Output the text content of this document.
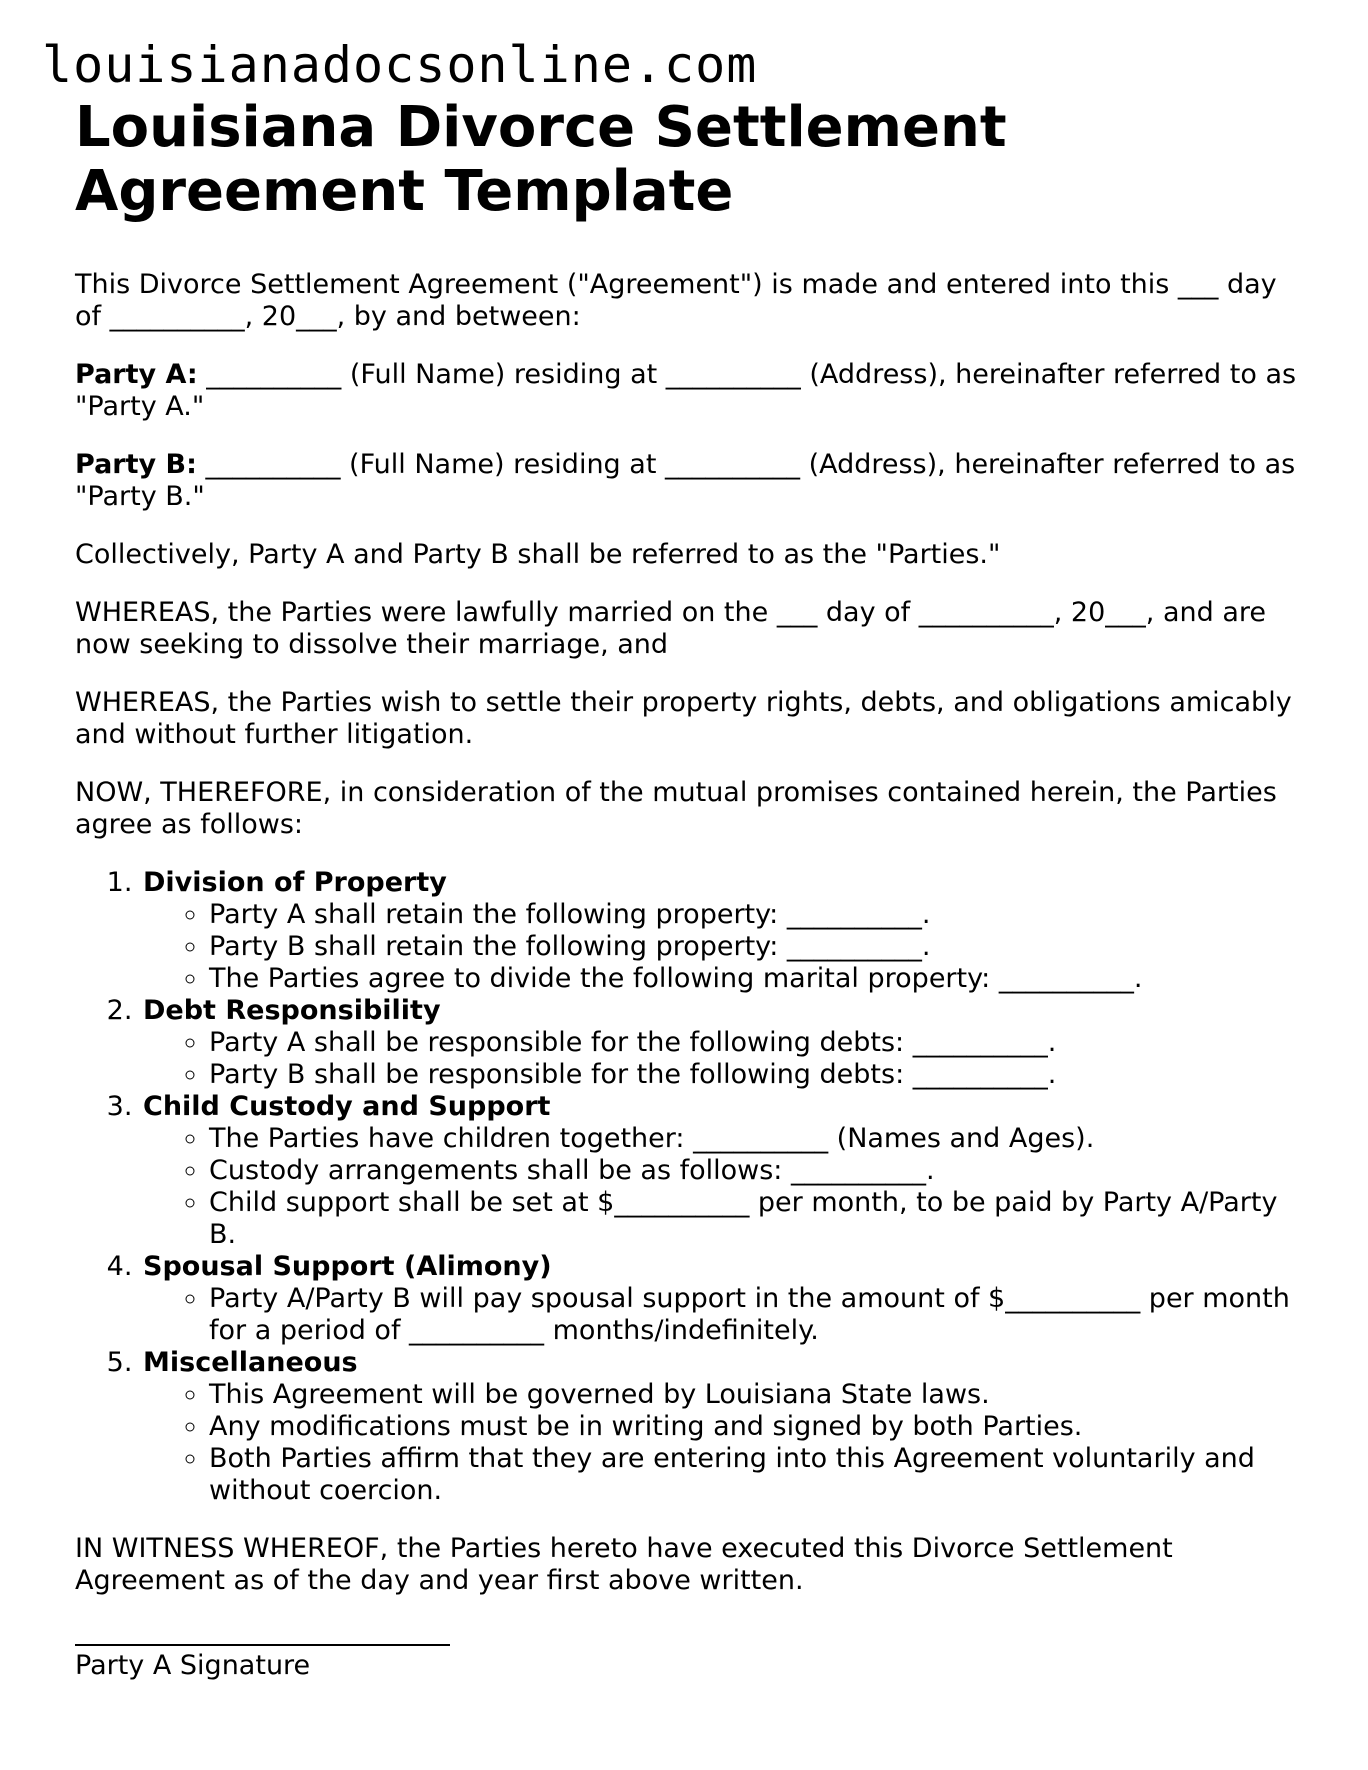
louisianadocsonline.com
Louisiana Divorce Settlement Agreement Template

This Divorce Settlement Agreement ("Agreement") is made and entered into this ___ day of __________, 20___, by and between:

Party A: __________ (Full Name) residing at __________ (Address), hereinafter referred to as "Party A."

Party B: __________ (Full Name) residing at __________ (Address), hereinafter referred to as "Party B."

Collectively, Party A and Party B shall be referred to as the "Parties."

WHEREAS, the Parties were lawfully married on the ___ day of __________, 20___, and are now seeking to dissolve their marriage, and

WHEREAS, the Parties wish to settle their property rights, debts, and obligations amicably and without further litigation.

NOW, THEREFORE, in consideration of the mutual promises contained herein, the Parties agree as follows:

1. Division of Property
◦ Party A shall retain the following property: __________.
◦ Party B shall retain the following property: __________.
◦ The Parties agree to divide the following marital property: __________.
2. Debt Responsibility
◦ Party A shall be responsible for the following debts: __________.
◦ Party B shall be responsible for the following debts: __________.
3. Child Custody and Support
◦ The Parties have children together: __________ (Names and Ages).
◦ Custody arrangements shall be as follows: __________.
◦ Child support shall be set at $__________ per month, to be paid by Party A/Party B.
4. Spousal Support (Alimony)
◦ Party A/Party B will pay spousal support in the amount of $__________ per month for a period of __________ months/indefinitely.
5. Miscellaneous
◦ This Agreement will be governed by Louisiana State laws.
◦ Any modifications must be in writing and signed by both Parties.
◦ Both Parties affirm that they are entering into this Agreement voluntarily and without coercion.

IN WITNESS WHEREOF, the Parties hereto have executed this Divorce Settlement Agreement as of the day and year first above written.

Party A Signature
